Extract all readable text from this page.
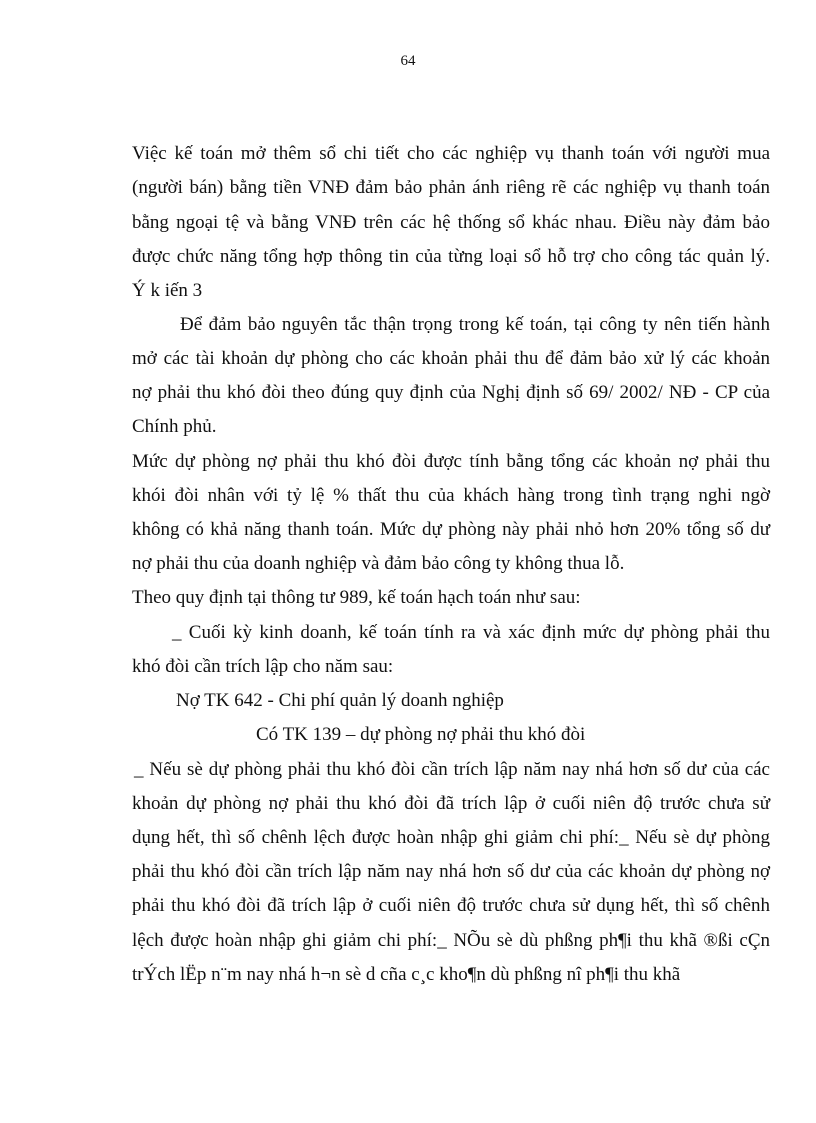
64
Việc kế toán mở thêm sổ chi tiết cho các nghiệp vụ thanh toán với người mua
(người bán) bằng tiền VNĐ đảm bảo phản ánh riêng rẽ các nghiệp vụ thanh toán
bằng ngoại tệ và bằng VNĐ trên các hệ thống sổ khác nhau. Điều này đảm bảo
được chức năng tổng hợp thông tin của từng loại sổ hỗ trợ cho công tác quản lý.
Ý k iến 3
Để đảm bảo nguyên tắc thận trọng trong kế toán, tại công ty nên tiến hành
mở các tài khoản dự phòng cho các khoản phải thu để đảm bảo xử lý các khoản
nợ phải thu khó đòi theo đúng quy định của Nghị định số 69/ 2002/ NĐ - CP của
Chính phủ.
Mức dự phòng nợ phải thu khó đòi được tính bằng tổng các khoản nợ phải thu
khói đòi nhân với tỷ lệ % thất thu của khách hàng trong tình trạng nghi ngờ
không có khả năng thanh toán. Mức dự phòng này phải nhỏ hơn 20% tổng số dư
nợ phải thu của doanh nghiệp và đảm bảo công ty không thua lỗ.
Theo quy định tại thông tư 989, kế toán hạch toán như sau:
_ Cuối kỳ kinh doanh, kế toán tính ra và xác định mức dự phòng phải thu
khó đòi cần trích lập cho năm sau:
Nợ TK 642 - Chi phí quản lý doanh nghiệp
Có TK 139 – dự phòng nợ phải thu khó đòi
_ Nếu sè dự phòng phải thu khó đòi cần trích lập năm nay nhá hơn số dư của các
khoản dự phòng nợ phải thu khó đòi đã trích lập ở cuối niên độ trước chưa sử
dụng hết, thì số chênh lệch được hoàn nhập ghi giảm chi phí:_ Nếu sè dự phòng
phải thu khó đòi cần trích lập năm nay nhá hơn số dư của các khoản dự phòng nợ
phải thu khó đòi đã trích lập ở cuối niên độ trước chưa sử dụng hết, thì số chênh
lệch được hoàn nhập ghi giảm chi phí:_ NÕu sè dù phßng ph¶i thu khã ®ßi cÇn
trÝch lËp n¨m nay nhá h¬n sè d cña c¸c kho¶n dù phßng nî ph¶i thu khã
